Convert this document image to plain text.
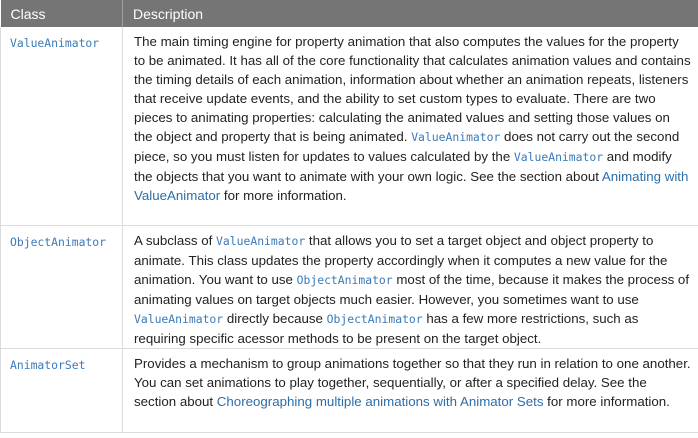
Class	Description
ValueAnimator	The main timing engine for property animation that also computes the values for the property to be animated. It has all of the core functionality that calculates animation values and contains the timing details of each animation, information about whether an animation repeats, listeners that receive update events, and the ability to set custom types to evaluate. There are two pieces to animating properties: calculating the animated values and setting those values on the object and property that is being animated. ValueAnimator does not carry out the second piece, so you must listen for updates to values calculated by the ValueAnimator and modify the objects that you want to animate with your own logic. See the section about Animating with ValueAnimator for more information.
ObjectAnimator	A subclass of ValueAnimator that allows you to set a target object and object property to animate. This class updates the property accordingly when it computes a new value for the animation. You want to use ObjectAnimator most of the time, because it makes the process of animating values on target objects much easier. However, you sometimes want to use ValueAnimator directly because ObjectAnimator has a few more restrictions, such as requiring specific acessor methods to be present on the target object.
AnimatorSet	Provides a mechanism to group animations together so that they run in relation to one another. You can set animations to play together, sequentially, or after a specified delay. See the section about Choreographing multiple animations with Animator Sets for more information.
